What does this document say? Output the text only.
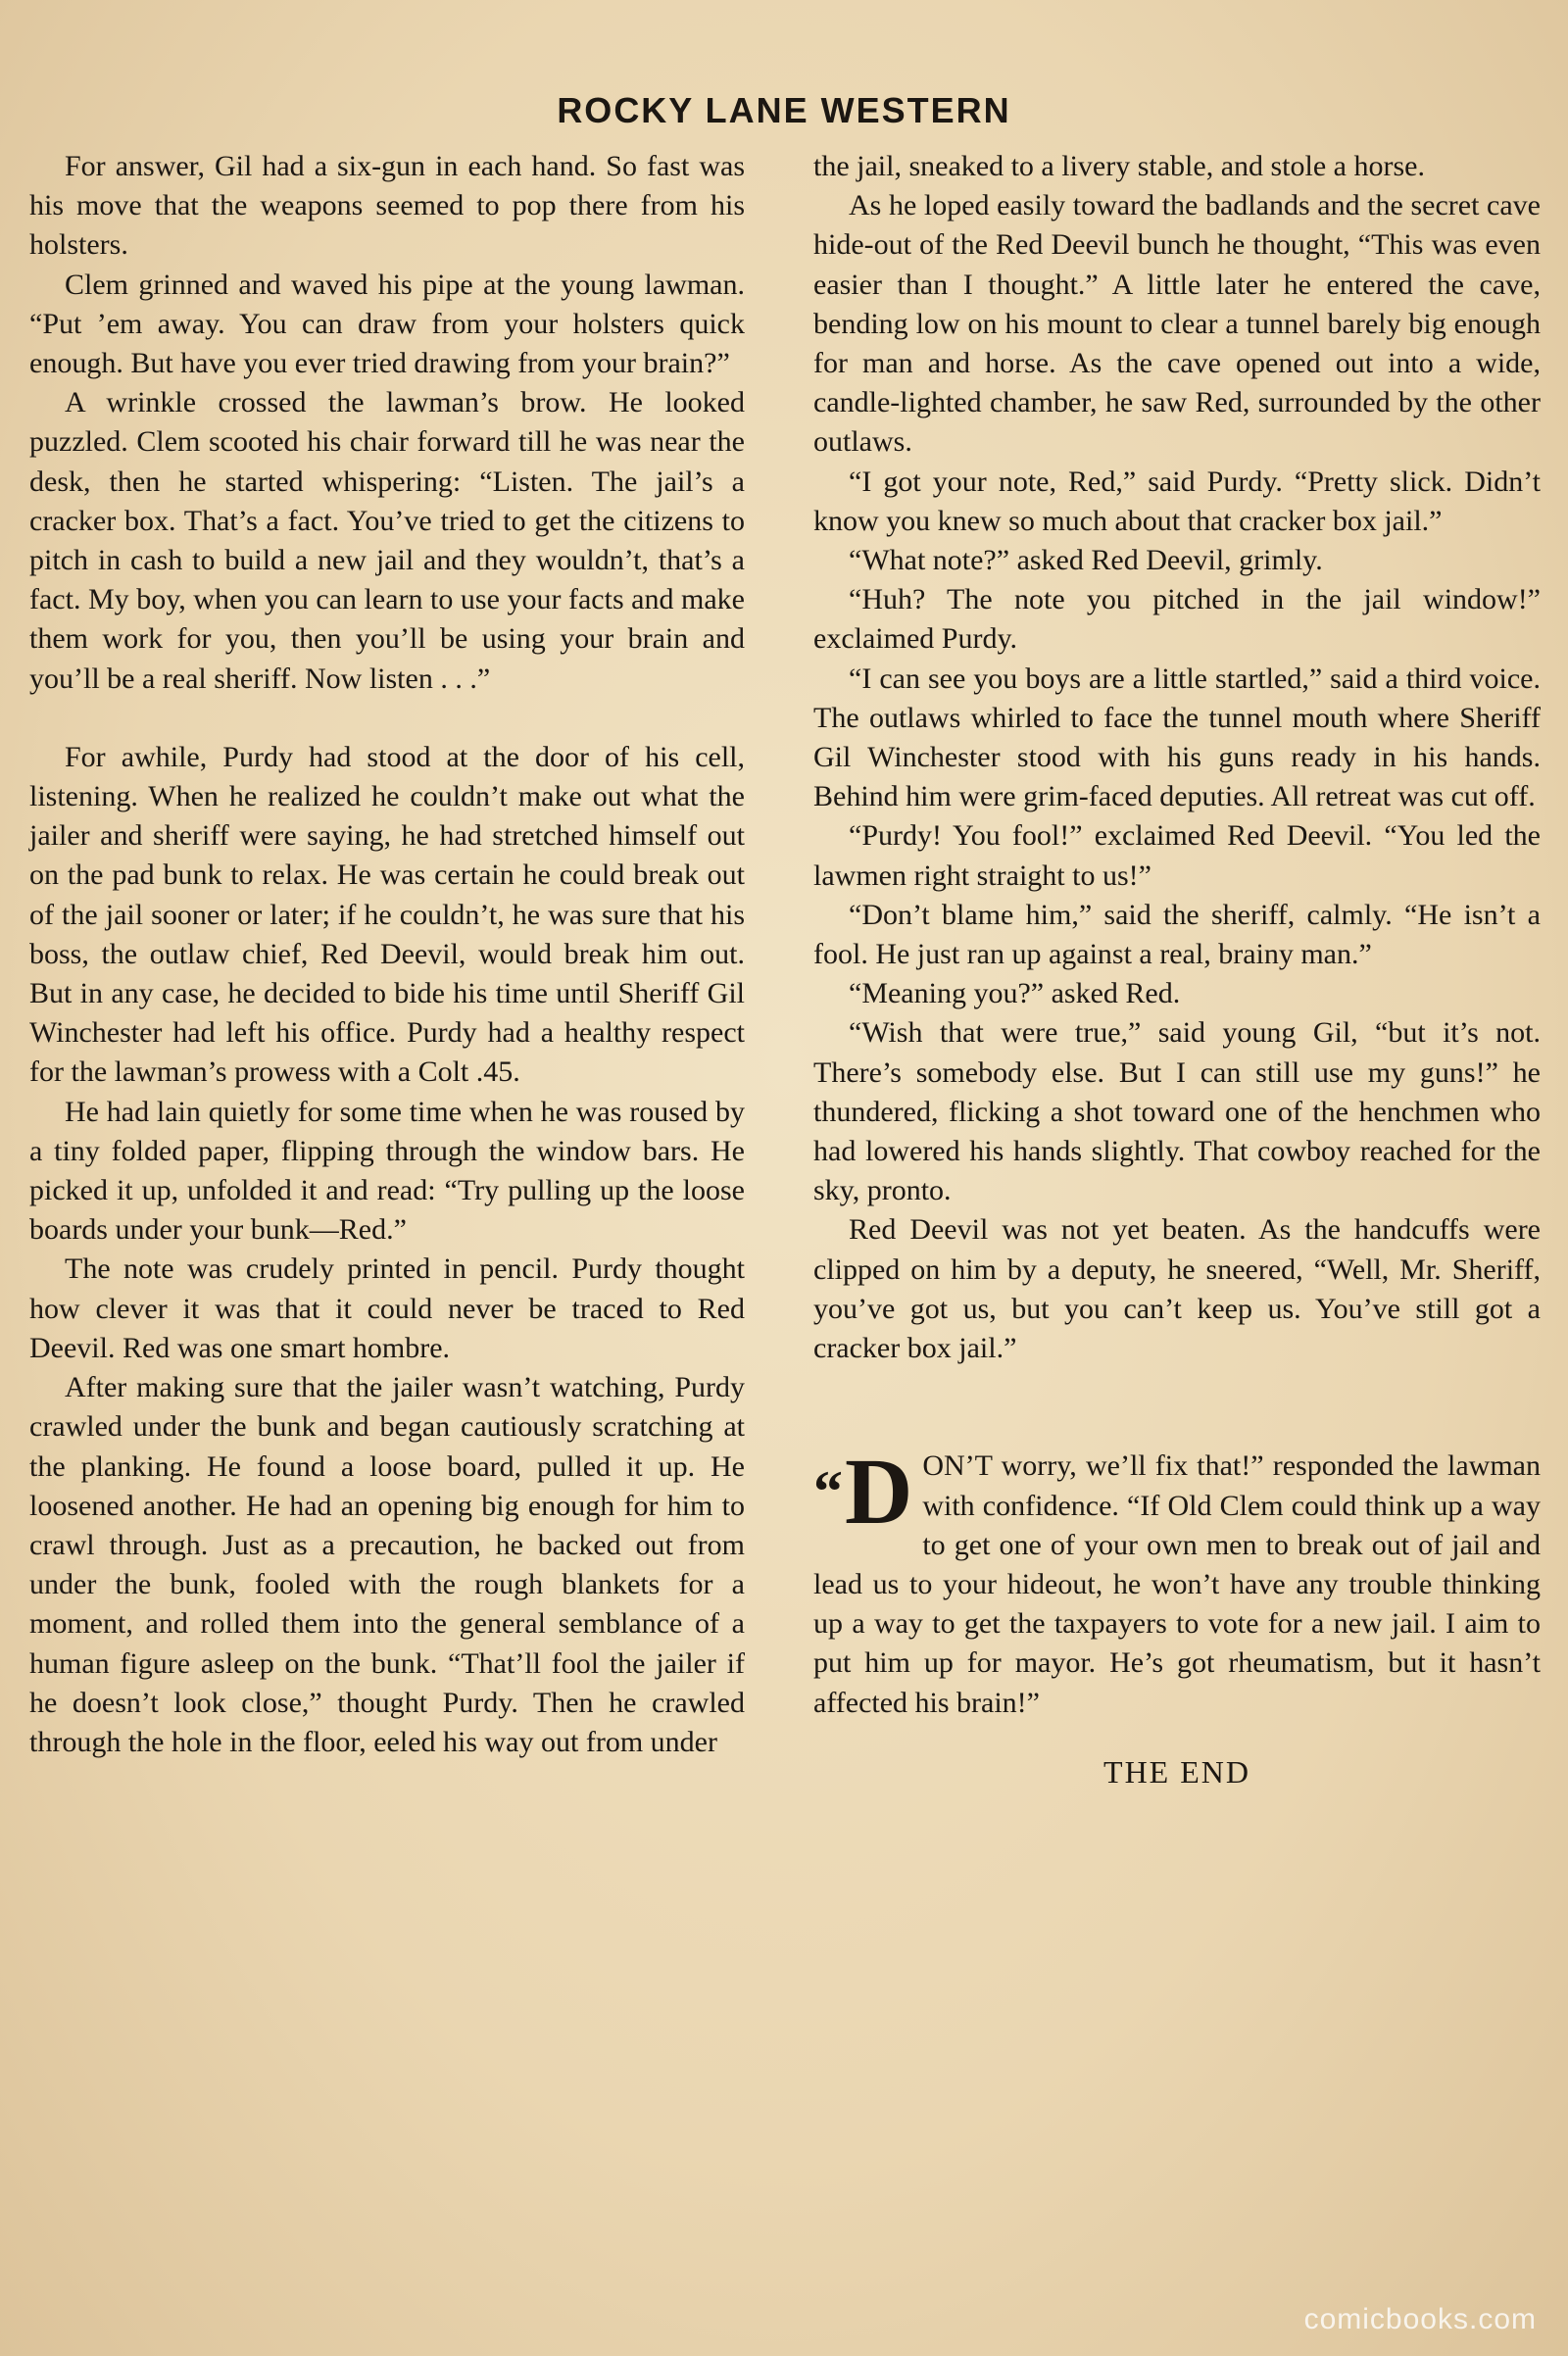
ROCKY LANE WESTERN

For answer, Gil had a six-gun in each hand. So fast was his move that the weapons seemed to pop there from his holsters.

Clem grinned and waved his pipe at the young lawman. “Put ’em away. You can draw from your holsters quick enough. But have you ever tried drawing from your brain?”

A wrinkle crossed the lawman’s brow. He looked puzzled. Clem scooted his chair forward till he was near the desk, then he started whispering: “Listen. The jail’s a cracker box. That’s a fact. You’ve tried to get the citizens to pitch in cash to build a new jail and they wouldn’t, that’s a fact. My boy, when you can learn to use your facts and make them work for you, then you’ll be using your brain and you’ll be a real sheriff. Now listen . . .”

For awhile, Purdy had stood at the door of his cell, listening. When he realized he couldn’t make out what the jailer and sheriff were saying, he had stretched himself out on the pad bunk to relax. He was certain he could break out of the jail sooner or later; if he couldn’t, he was sure that his boss, the outlaw chief, Red Deevil, would break him out. But in any case, he decided to bide his time until Sheriff Gil Winchester had left his office. Purdy had a healthy respect for the lawman’s prowess with a Colt .45.

He had lain quietly for some time when he was roused by a tiny folded paper, flipping through the window bars. He picked it up, unfolded it and read: “Try pulling up the loose boards under your bunk—Red.”

The note was crudely printed in pencil. Purdy thought how clever it was that it could never be traced to Red Deevil. Red was one smart hombre.

After making sure that the jailer wasn’t watching, Purdy crawled under the bunk and began cautiously scratching at the planking. He found a loose board, pulled it up. He loosened another. He had an opening big enough for him to crawl through. Just as a precaution, he backed out from under the bunk, fooled with the rough blankets for a moment, and rolled them into the general semblance of a human figure asleep on the bunk. “That’ll fool the jailer if he doesn’t look close,” thought Purdy. Then he crawled through the hole in the floor, eeled his way out from under

the jail, sneaked to a livery stable, and stole a horse.

As he loped easily toward the badlands and the secret cave hide-out of the Red Deevil bunch he thought, “This was even easier than I thought.” A little later he entered the cave, bending low on his mount to clear a tunnel barely big enough for man and horse. As the cave opened out into a wide, candle-lighted chamber, he saw Red, surrounded by the other outlaws.

“I got your note, Red,” said Purdy. “Pretty slick. Didn’t know you knew so much about that cracker box jail.”

“What note?” asked Red Deevil, grimly.

“Huh? The note you pitched in the jail window!” exclaimed Purdy.

“I can see you boys are a little startled,” said a third voice. The outlaws whirled to face the tunnel mouth where Sheriff Gil Winchester stood with his guns ready in his hands. Behind him were grim-faced deputies. All retreat was cut off.

“Purdy! You fool!” exclaimed Red Deevil. “You led the lawmen right straight to us!”

“Don’t blame him,” said the sheriff, calmly. “He isn’t a fool. He just ran up against a real, brainy man.”

“Meaning you?” asked Red.

“Wish that were true,” said young Gil, “but it’s not. There’s somebody else. But I can still use my guns!” he thundered, flicking a shot toward one of the henchmen who had lowered his hands slightly. That cowboy reached for the sky, pronto.

Red Deevil was not yet beaten. As the handcuffs were clipped on him by a deputy, he sneered, “Well, Mr. Sheriff, you’ve got us, but you can’t keep us. You’ve still got a cracker box jail.”

“D ON’T worry, we’ll fix that!” responded the lawman with confidence. “If Old Clem could think up a way to get one of your own men to break out of jail and lead us to your hideout, he won’t have any trouble thinking up a way to get the taxpayers to vote for a new jail. I aim to put him up for mayor. He’s got rheumatism, but it hasn’t affected his brain!”

THE END
comicbooks.com
